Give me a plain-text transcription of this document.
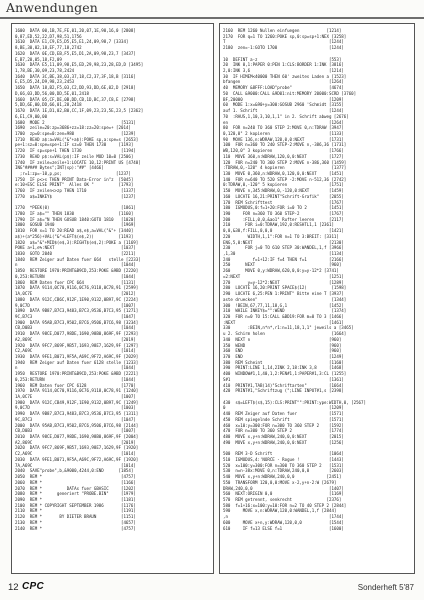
Anwendungen
1600  DATA 00,1B,7E,FE,01,20,07,1E,90,16,0 [2808]
0,87,ED,52,22,D7,98,51,1756
1610  DATA E1,C9,E5,D5,E5,E1,24,09,98,7 [3334]
8,BE,30,02,18,EF,77,18,2742
1620  DATA 0E,CD,EB,F5,E5,D1,2A,09,98,23,7 [3437]
E,B7,20,05,18,F2,09
1630  DATA E5,11,09,98,E5,ED,29,98,23,28,ED,D [3495]
1,78,BE,30,09,23,78,2424
1640  DATA 3C,BE,38,03,37,18,C2,37,3F,18,B [3116]
E,E5,D5,24,D9,98,23,2453
1650  DATA 18,B2,F5,03,C2,DD,93,DD,6E,02,D [2918]
D,66,03,DD,56,00,DD,5E,01,2418
1660  DATA 05,CF,DE,0B,DD,CB,1D,BC,37,C8,E [2798]
5,DD,6E,00,DD,66,01,28,2418
1670  DATA 1E,D1,02,B0,CC,1F,09,23,23,5E,23,5 [2362]
6,E1,C9,00,00
1680  MODE 2                               [5131]
1690  zeile=20:zp=3686+zz=18:zz=20:spe=+ [2014]
1700  zp=0:spe=0:zen=980                   [1239]
1710  READ a$:a=VAL("&"+a$):POKE sp,a:spe=s [2653]
pe+1:sz=0:spe=spe+1:IF sz=0 THEN 1730     [1193]
1720  IF sp=spe+1 THEN 1730                [1194]
1730  READ p$:s=VAL(p$):IF zeile MOD 10=0 [2506]
1740  IF zeile=zeile+1:LOCATE 10,12:PRINT US [4740]
ING"##### Bytes";INT(sp):"##" [4466]
;r=1:zp=-10,p,ps;                      [1237]
1750  IF p<>s THEN PRINT Data-Error in"z  [5045]
e:10+ESC ELSE PRINT"  Alles OK "          [1793]
1760  IF zeilen<>zp THEN 1710              [1337]
1770  a$=INKEY$                            [1237]
1770  *PEEK(0)                             [1861]
1780  IF a$="" THEN 1830                  [1160]
1790  IF a$="N THEN GOSUB 1840:GOTO 1810   [1020]
1800  GOSUB 1940                           [1969]
1810  FOR x=1 TO 20:READ a$,e$,a=VAL("&"+ [3440]
a$)+(a*256)+VAL("&"+LEFT$(e$,2))          [1193]
1820  a$="&"+MID$(e$,3):RIGHT$(e$,2):POKE a [1169]
POKE a+1,e%:NEXT                           [1037]
1830  GOTO 2040                            [2211]
1840  REM Zeiger auf Daten fuer 664   stelle [2233]
n                                          [1044]
1850  RESTORE 1970:PRINT&B9CD,253:POKE &9BD [2220]
0,253:RETURN                               [1044]
1860  REM Daten fuer CPC 664               [1131]
1870  DATA 9114,0C70,9116,0C76,9118,0C78,91 [2599]
1A,0C7E                                    [2012]
1880  DATA 912C,CB6C,912F,1E90,9132,0B97,9C [2224]
9,0C7D                                     [1007]
1890  DATA 9B87,B7C3,9483,B7C3,9536,B7C3,95 [1271]
9C,B7C3                                    [1047]
1900  DATA 95AB,B7C3,9502,B7C6,9506,B7C6,98 [3234]
CB,D0B3                                    [1044]
1910  DATA 98CE,D077,98DE,1690,98B0,869F,9F [2293]
A2,869C                                    [2019]
1920  DATA 9FC7,869F,9B57,1693,98E7,1629,9F [1297]
C2,A69C                                    [1014]
1930  DATA 9FE1,B071,9F5A,A69C,9F72,A69C,9F [2029]
1940  REM Zeiger auf Daten fuer 6128 stelle [1233]
n                                          [1044]
1950  RESTORE 1970:PRINT&B9CD,253:POKE &9BD [2221]
0,253:RETURN                               [1044]
1960  REM Daten fuer CPC 6128              [1770]
1970  DATA 9114,0C70,9116,0C76,9118,0C78,91 [1240]
1A,0C7E                                    [1007]
1980  DATA 912C,CB49,912F,1E90,9132,0B97,9C [1249]
9,0C7D                                     [1003]
1990  DATA 9B87,B7C3,9483,B7C3,9536,B7C3,95 [1311]
9C,B7C3                                    [1047]
2000  DATA 95AB,B7C3,9502,B7C6,9506,B7C6,98 [2144]
CB,D0B3                                    [1007]
2010  DATA 98CE,D077,98DE,1690,98B0,869F,9F [2004]
A2,869C                                    [2019]
2020  DATA 9FC7,869F,9B57,1693,98E7,1629,9F [1920]
C2,A69C                                    [1014]
2030  DATA 9FE1,B071,9F5A,A69C,9F72,A69C,9F [1920]
7A,A69C                                    [1014]
2040  SAVE"probe",b,&9000,4244,0:END      [1854]
2050  REM *                                [4757]
2060  REM *                                [1166]
2070  REM *          DATAs fuer GBASIC     [1202]
2080  REM *      generiert "PROBE.BIN"     [1979]
2090  REM *                                [1181]
2100  REM * COPYRIGHT SEPTEMBER 1986       [1176]
2110  REM *                                [1191]
2120  REM *       BY DIETER BRAUN          [1151]
2130  REM *                                [4657]
2140  REM *                                [4757]
2160  REM 1260 Nullen einfuegen           [1214]
2170  FOR q=1 TO 1260:POKE sp,0:sp=sp+1:NEX [3258]
T                                          [1244]
2180  zen=-1:GOTO 1700                     [1244]
10  DEFINT a-z                             [553]
20  INK 0,1:PAPER 0:PEN 1:CLS:BORDER 1:INK [3816]
2,0:INK 3,6                                [1214]
30  IF HIMEM<40000 THEN 60' zweites Laden a [1523]
bfangen                                    [1264]
40  MEMORY &8FFF:LOAD"probe"               [4674]
50  CALL &9000:CALL &9D01:nit:MEMORY 20000:SCRD [3760]
BF,20000                                   [1209]
60  MODE 1:x=&90+y=300:GOSUB 2960 'Schmidt [3155]
auf 1. Schrift                             [1244]
70  :RAUS,1,10,3,10,1,1" in 2. Schrift abweg [2676]
en                                         [1264]
80  FOR n=240 TO 360 STEP 2:MOVE 0,n:TDRAW [3947]
0,120,0" 2 kopieren                        [1133]
90  MOVE 136,n:WDRAW,120,0,0:NEXT          [1731]
100  FOR n=360 TO 240 STEP-2:MOVE n,-386,36 [1731]
WB,120,0" 3 kopieren                       [1766]
110  MOVE 360,n:WDRAW,120,0,0:NEXT         [1727]
120  FOR n=240 TO 360 STEP 2:MOVE n-386,360 [1459]
:TDRAW,0,-120" 4 kopieren                   [1377]
130  MOVE 0,360,n:WDRAW,0,120,0,0:NEXT     [1451]
140  FOR n=640 TO 520 STEP -2:MOVE n-512,36 [2742]
0:TDRAW,0,-120" 5 kopieren                 [1751]
150  MOVE n,345:WDRAW,0,-120,0:NEXT        [1459]
160  LOCATE 16,21:PRINT"Schrift-Grafik"    [2055]
170  REM Schrifttest                       [1767]
180  IGMODUS,0:f=1+20:FOR i=0 TO 2         [1451]
190     FOR n=360 TO 360 STEP-2            [1767]
200     :FILL,0,0,&ao1" Rufter leeren      [2117]
210      FOR i=0:TDRAW,192,0:RESHTL1,1 [2361]
0,0,&30,f:FILL,0,0,0                       [1421]
220       WIDTH,1,1":FOR n=1 TO 3:BREIT: [3311]
ENG,5,0:NEXT                               [2130]
230      FOR j=0 TO 610 STEP 30:WANDEL,1,f [3966]
,1,30                                      [1134]
240         f=1+12:IF f=4 THEN f=1         [2166]
250      NEXT                              [960]
260      MOVE 0,y:WDRAW,620,0,0:y=y-12*2 [3741]
=2:NEXT                                    [1251]
270       y=y-12*2:NEXT                    [1289]
280  LOCATE 16,20:PRINT SPACE$(12)          [1598]
290  LOCATE 6,25:PEN 1:PRINT" Bitte eine T [3937]
aste druecken"                              [1344]
300  !BEIN,67,77,11,18,G,1                 [1452]
310  WHILE INKEY$="":WEND                   [1374]
320  FOR n=0 TO 15:CALL &BD19:FOR m=0 TO 3 [1466]
:NEXT                                      [1461]
330       :BEIN,n*n*,r1:n=11,18,1,1" jeweils a [3465]
u 2. Schirm holen                           [1664]
340  NEXT n                                [960]
350  WEND                                  [960]
360  END                                   [960]
370  END                                   [1249]
380  REM Scheint                           [1160]
390  PRINT:LINE 1,14,2INK 2,18:INK 3,8     [1468]
400  WINDOW#1,1,40,1,2:PEN#1,1:PAPER#1,3:CL [1255]
S#1                                        [1361]
410  PRINT#1,TAB(14)"Schriftarten"         [1664]
420  PRINT#1,"Schriftzug (";LINE INPUT#1,s [2398]
430  s$=LEFT$(s$,15):CLS:PRINT"":PRINT:ype:WIDTH,0, [2567]
0                                          [1209]
440  REM Zeiger auf Daten fuer             [1571]
450  REM spiegelnde Schrift                [1571]
460  x=10:y=300:FOR n=300 TO 360 STEP 2    [1592]
470  FOR n=300 TO 360 STEP 2               [1774]
480  MOVE x,y+n:WDRAW,240,0,0:NEXT         [2015]
490  MOVE x,y+n:WDRAW,240,0,0:NEXT         [1256]
500  REM 3-D Schrift                       [1064]
510  IGMODUS,4:'NORCE - Rogue !            [1443]
520  x=100:y=300:FOR n=300 TO 360 STEP 2   [1531]
530  n=n-38x:MOVE 0,n:TDRAW,240,0,0        [2603]
540  MOVE x,y+n:WDRAW,240,0,0             [2451]
550  TRANSFORM 120,0,0:MOVE x-2,y+n-2:W [2679]
DRAW,240,0,0                               [1407]
560  NEXT:ORIGIN 0,0                       [1169]
570  REM getrennt, senkrecht              [2376]
580  f=1+16:x=100:y=10:FOR n=2 TO 40 STEP 2 [2844]
590     MOVE x,n:WDRAW,120,0:WANDEL,1,f [2844]
,n                                         [1744]
600     MOVE x+n,y:WDRAW,120,0,0           [1544]
610     IF f=13 ELSE f=1                   [1600]
12 CPC	Sonderheft 5'87
